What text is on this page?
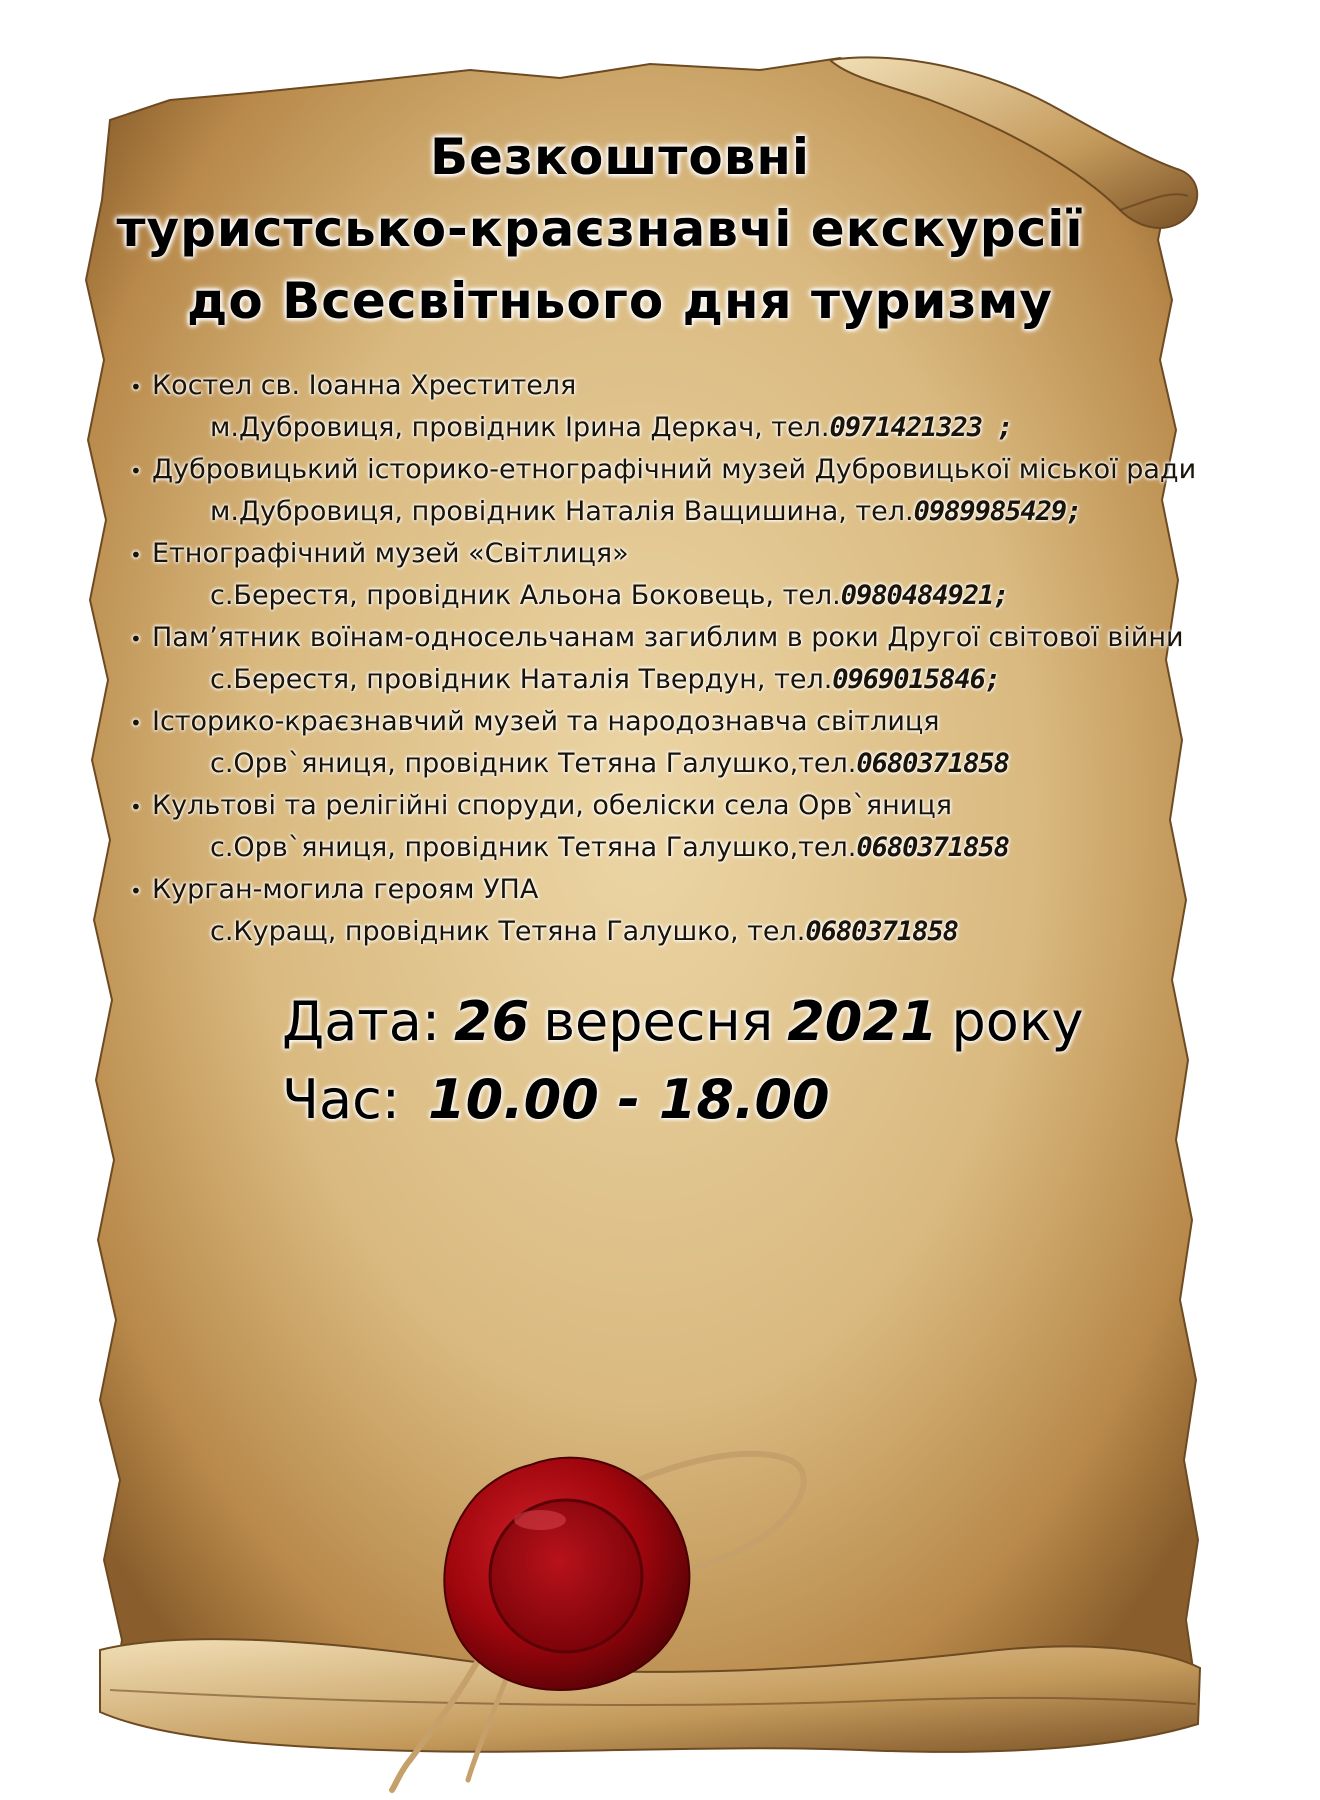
Безкоштовні
туристсько-краєзнавчі екскурсії
до Всесвітнього дня туризму
• Костел св. Іоанна Хрестителя
м.Дубровиця, провідник Ірина Деркач, тел.0971421323 ;
• Дубровицький історико-етнографічний музей Дубровицької міської ради
м.Дубровиця, провідник Наталія Ващишина, тел.0989985429;
• Етнографічний музей «Світлиця»
с.Берестя, провідник Альона Боковець, тел.0980484921;
• Пам’ятник воїнам-односельчанам загиблим в роки Другої світової війни
с.Берестя, провідник Наталія Твердун, тел.0969015846;
• Історико-краєзнавчий музей та народознавча світлиця
с.Орв`яниця, провідник Тетяна Галушко,тел.0680371858
• Культові та релігійні споруди, обеліски села Орв`яниця
с.Орв`яниця, провідник Тетяна Галушко,тел.0680371858
• Курган-могила героям УПА
с.Куращ, провідник Тетяна Галушко, тел.0680371858
Дата: 26 вересня 2021 року
Час: 10.00 - 18.00
